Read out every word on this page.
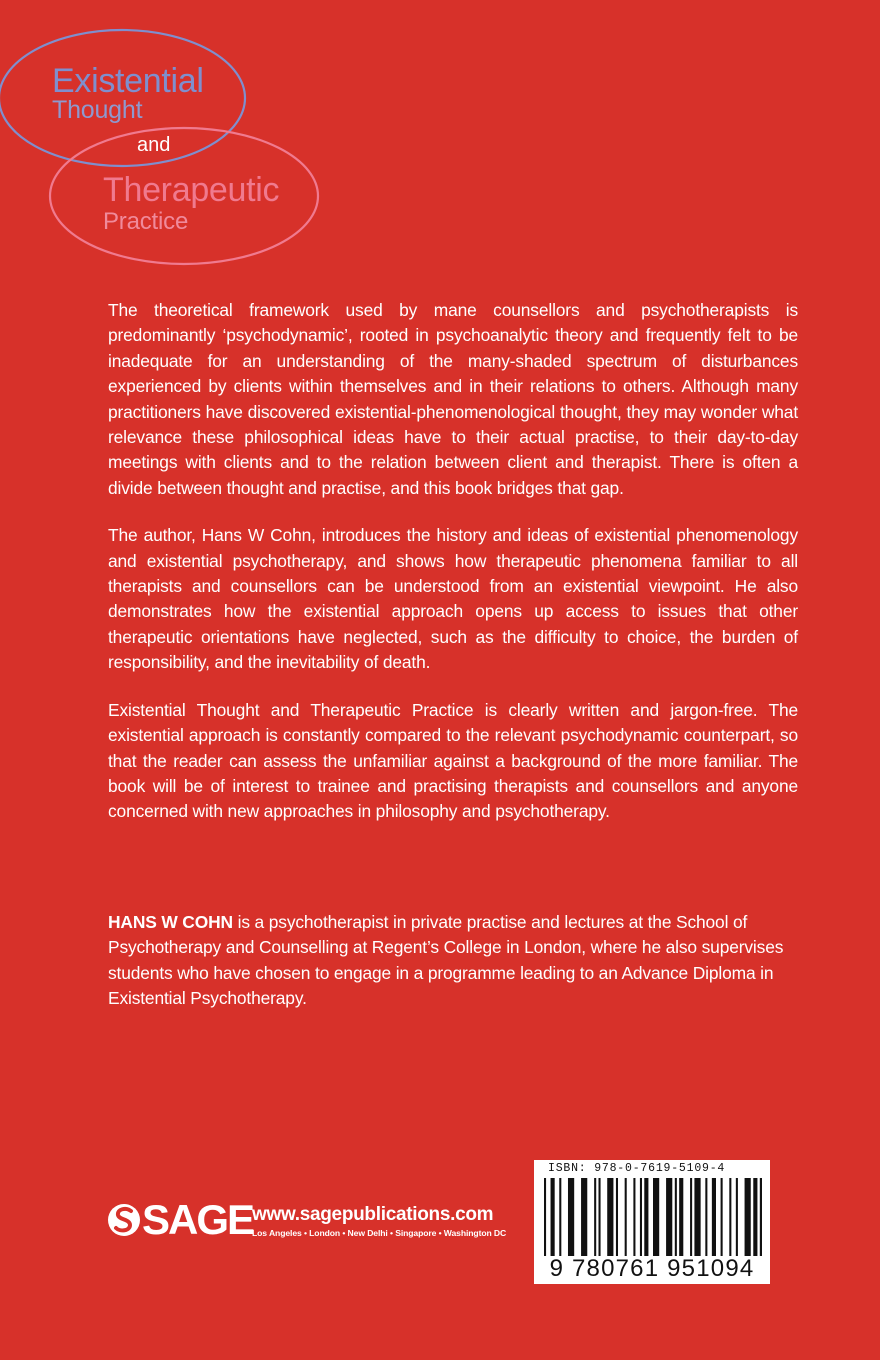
Existential
Thought
and
Therapeutic
Practice

The theoretical framework used by mane counsellors and psychotherapists is predominantly ‘psychodynamic’, rooted in psychoanalytic theory and frequently felt to be inadequate for an understanding of the many-shaded spectrum of disturbances experienced by clients within themselves and in their relations to others. Although many practitioners have discovered existential-phenomenological thought, they may wonder what relevance these philosophical ideas have to their actual practise, to their day-to-day meetings with clients and to the relation between client and therapist. There is often a divide between thought and practise, and this book bridges that gap.

The author, Hans W Cohn, introduces the history and ideas of existential phenomenology and existential psychotherapy, and shows how therapeutic phenomena familiar to all therapists and counsellors can be understood from an existential viewpoint. He also demonstrates how the existential approach opens up access to issues that other therapeutic orientations have neglected, such as the difficulty to choice, the burden of responsibility, and the inevitability of death.

Existential Thought and Therapeutic Practice is clearly written and jargon-free. The existential approach is constantly compared to the relevant psychodynamic counterpart, so that the reader can assess the unfamiliar against a background of the more familiar. The book will be of interest to trainee and practising therapists and counsellors and anyone concerned with new approaches in philosophy and psychotherapy.

HANS W COHN is a psychotherapist in private practise and lectures at the School of Psychotherapy and Counselling at Regent’s College in London, where he also supervises students who have chosen to engage in a programme leading to an Advance Diploma in Existential Psychotherapy.

SAGE
www.sagepublications.com
Los Angeles • London • New Delhi • Singapore • Washington DC
ISBN: 978-0-7619-5109-4
9 780761 951094
